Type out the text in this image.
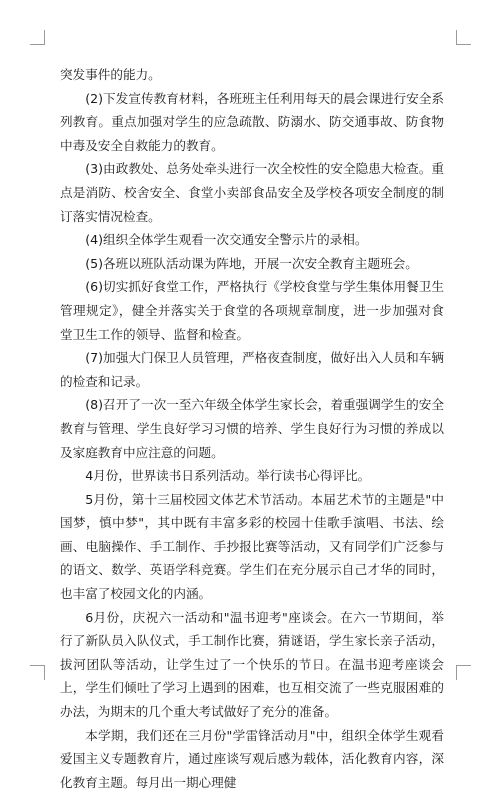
突发事件的能力。

(2)下发宣传教育材料，各班班主任利用每天的晨会课进行安全系列教育。重点加强对学生的应急疏散、防溺水、防交通事故、防食物中毒及安全自救能力的教育。

(3)由政教处、总务处牵头进行一次全校性的安全隐患大检查。重点是消防、校舍安全、食堂小卖部食品安全及学校各项安全制度的制订落实情况检查。

(4)组织全体学生观看一次交通安全警示片的录相。

(5)各班以班队活动课为阵地，开展一次安全教育主题班会。

(6)切实抓好食堂工作，严格执行《学校食堂与学生集体用餐卫生管理规定》，健全并落实关于食堂的各项规章制度，进一步加强对食堂卫生工作的领导、监督和检查。

(7)加强大门保卫人员管理，严格夜查制度，做好出入人员和车辆的检查和记录。

(8)召开了一次一至六年级全体学生家长会，着重强调学生的安全教育与管理、学生良好学习习惯的培养、学生良好行为习惯的养成以及家庭教育中应注意的问题。

4月份，世界读书日系列活动。举行读书心得评比。

5月份，第十三届校园文体艺术节活动。本届艺术节的主题是"中国梦，慎中梦"，其中既有丰富多彩的校园十佳歌手演唱、书法、绘画、电脑操作、手工制作、手抄报比赛等活动，又有同学们广泛参与的语文、数学、英语学科竞赛。学生们在充分展示自己才华的同时，也丰富了校园文化的内涵。

6月份，庆祝六一活动和"温书迎考"座谈会。在六一节期间，举行了新队员入队仪式，手工制作比赛，猜谜语，学生家长亲子活动，拔河团队等活动，让学生过了一个快乐的节日。在温书迎考座谈会上，学生们倾吐了学习上遇到的困难，也互相交流了一些克服困难的办法，为期末的几个重大考试做好了充分的准备。

本学期，我们还在三月份"学雷锋活动月"中，组织全体学生观看爱国主义专题教育片，通过座谈写观后感为载体，活化教育内容，深化教育主题。每月出一期心理健
